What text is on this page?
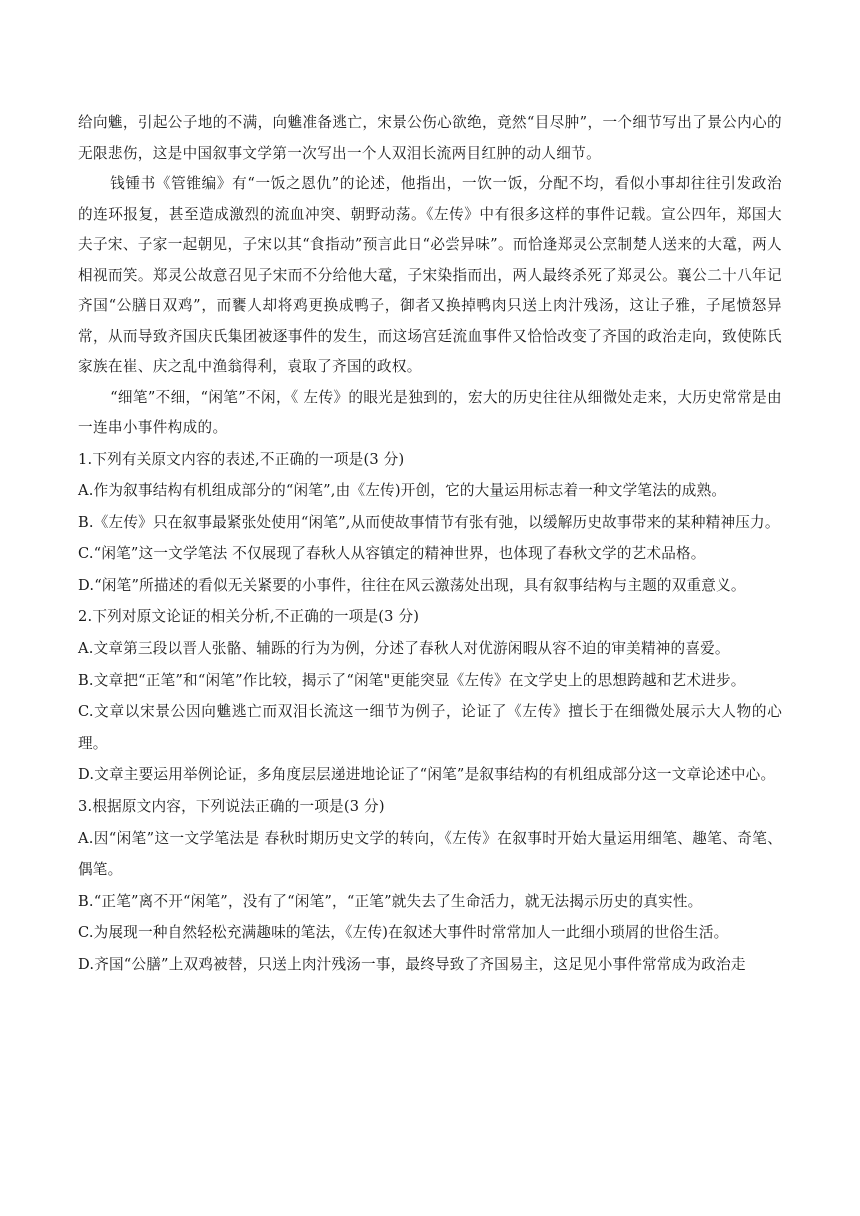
给向魋，引起公子地的不满，向魋准备逃亡，宋景公伤心欲绝，竟然“目尽肿”，一个细节写出了景公内心的无限悲伤，这是中国叙事文学第一次写出一个人双泪长流两目红肿的动人细节。

钱锺书《管锥编》有“一饭之恩仇”的论述，他指出，一饮一饭，分配不均，看似小事却往往引发政治的连环报复，甚至造成激烈的流血冲突、朝野动荡。《左传》中有很多这样的事件记载。宣公四年，郑国大夫子宋、子家一起朝见，子宋以其“食指动”预言此日“必尝异味”。而恰逢郑灵公烹制楚人送来的大鼋，两人相视而笑。郑灵公故意召见子宋而不分给他大鼋，子宋染指而出，两人最终杀死了郑灵公。襄公二十八年记齐国“公膳日双鸡”，而饔人却将鸡更换成鸭子，御者又换掉鸭肉只送上肉汁残汤，这让子雅，子尾愤怒异常，从而导致齐国庆氏集团被逐事件的发生，而这场宫廷流血事件又恰恰改变了齐国的政治走向，致使陈氏家族在崔、庆之乱中渔翁得利，袁取了齐国的政权。

“细笔”不细，“闲笔”不闲，《 左传》的眼光是独到的，宏大的历史往往从细微处走来，大历史常常是由一连串小事件构成的。

1.下列有关原文内容的表述,不正确的一项是(3 分)

A.作为叙事结构有机组成部分的“闲笔”,由《左传)开创，它的大量运用标志着一种文学笔法的成熟。

B.《左传》只在叙事最紧张处使用“闲笔”,从而使故事情节有张有弛，以缓解历史故事带来的某种精神压力。

C.“闲笔”这一文学笔法 不仅展现了春秋人从容镇定的精神世界，也体现了春秋文学的艺术品格。

D.“闲笔”所描述的看似无关紧要的小事件，往往在风云激荡处出现，具有叙事结构与主题的双重意义。

2.下列对原文论证的相关分析,不正确的一项是(3 分)

A.文章第三段以晋人张骼、辅跞的行为为例，分述了春秋人对优游闲暇从容不迫的审美精神的喜爱。

B.文章把“正笔”和“闲笔”作比较，揭示了“闲笔"更能突显《左传》在文学史上的思想跨越和艺术进步。

C.文章以宋景公因向魋逃亡而双泪长流这一细节为例子，论证了《左传》擅长于在细微处展示大人物的心理。

D.文章主要运用举例论证，多角度层层递进地论证了“闲笔”是叙事结构的有机组成部分这一文章论述中心。

3.根据原文内容，下列说法正确的一项是(3 分)

A.因“闲笔”这一文学笔法是 春秋时期历史文学的转向，《左传》在叙事时开始大量运用细笔、趣笔、奇笔、偶笔。

B.“正笔”离不开“闲笔”，没有了“闲笔”，“正笔”就失去了生命活力，就无法揭示历史的真实性。

C.为展现一种自然轻松充满趣味的笔法，《左传)在叙述大事件时常常加人一此细小琐屑的世俗生活。

D.齐国“公膳”上双鸡被替，只送上肉汁残汤一事，最终导致了齐国易主，这足见小事件常常成为政治走
